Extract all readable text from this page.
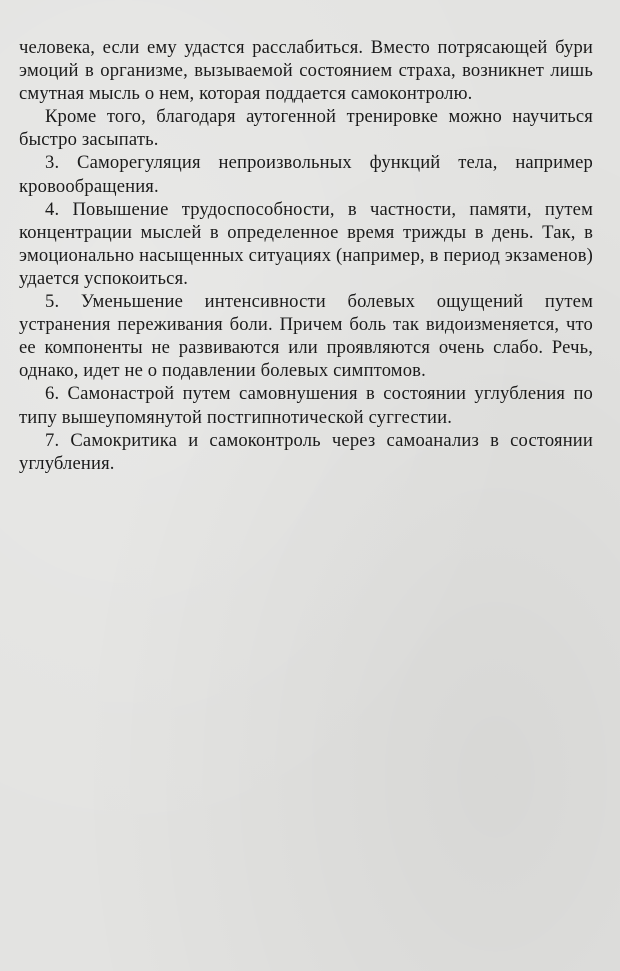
человека, если ему удастся расслабиться. Вместо потрясающей бури эмоций в организме, вызываемой состоянием страха, возникнет лишь смутная мысль о нем, которая поддается самоконтролю.

Кроме того, благодаря аутогенной тренировке можно научиться быстро засыпать.

3. Саморегуляция непроизвольных функций тела, например кровообращения.

4. Повышение трудоспособности, в частности, памяти, путем концентрации мыслей в определенное время трижды в день. Так, в эмоционально насыщенных ситуациях (например, в период экзаменов) удается успокоиться.

5. Уменьшение интенсивности болевых ощущений путем устранения переживания боли. Причем боль так видоизменяется, что ее компоненты не развиваются или проявляются очень слабо. Речь, однако, идет не о подавлении болевых симптомов.

6. Самонастрой путем самовнушения в состоянии углубления по типу вышеупомянутой постгипнотической суггестии.

7. Самокритика и самоконтроль через самоанализ в состоянии углубления.
